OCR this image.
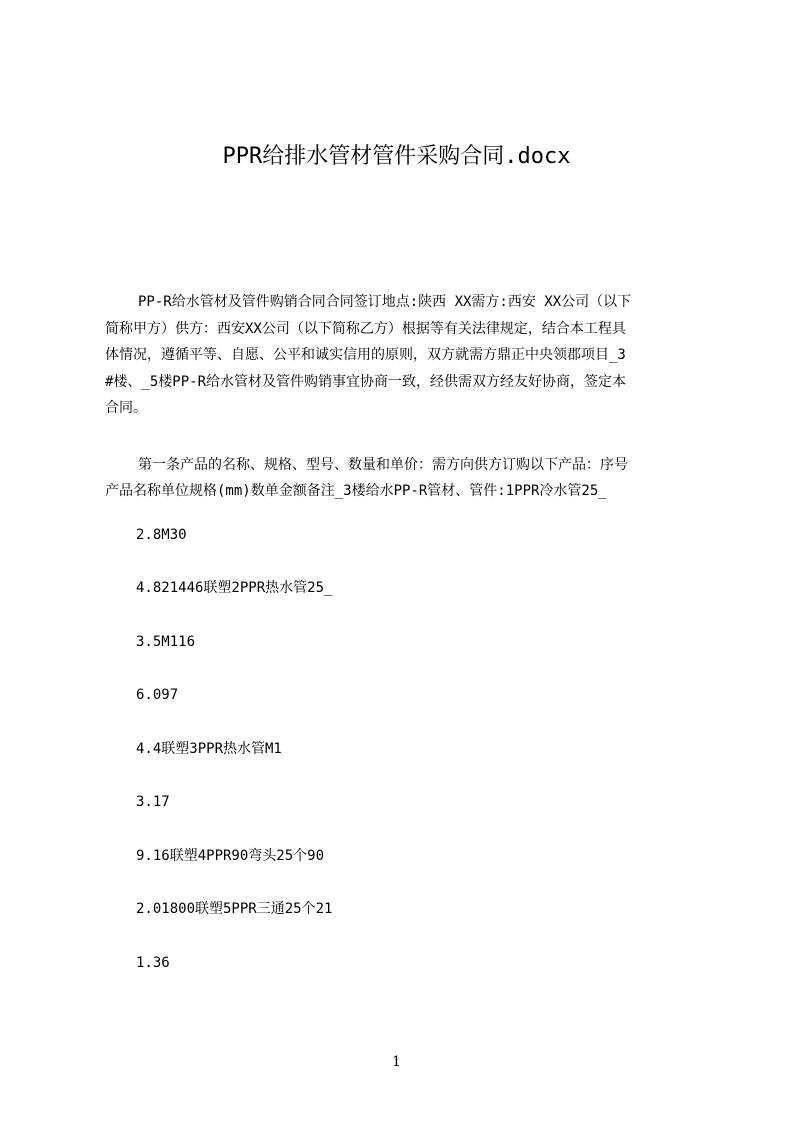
PPR给排水管材管件采购合同.docx

PP-R给水管材及管件购销合同合同签订地点:陕西 XX需方:西安 XX公司（以下
简称甲方）供方：西安XX公司（以下简称乙方）根据等有关法律规定，结合本工程具
体情况，遵循平等、自愿、公平和诚实信用的原则，双方就需方鼎正中央领郡项目_3
#楼、_5楼PP-R给水管材及管件购销事宜协商一致，经供需双方经友好协商，签定本
合同。

第一条产品的名称、规格、型号、数量和单价：需方向供方订购以下产品：序号
产品名称单位规格(mm)数单金额备注_3楼给水PP-R管材、管件:1PPR冷水管25_

2.8M30

4.821446联塑2PPR热水管25_

3.5M116

6.097

4.4联塑3PPR热水管M1

3.17

9.16联塑4PPR90弯头25个90

2.01800联塑5PPR三通25个21

1.36

1
